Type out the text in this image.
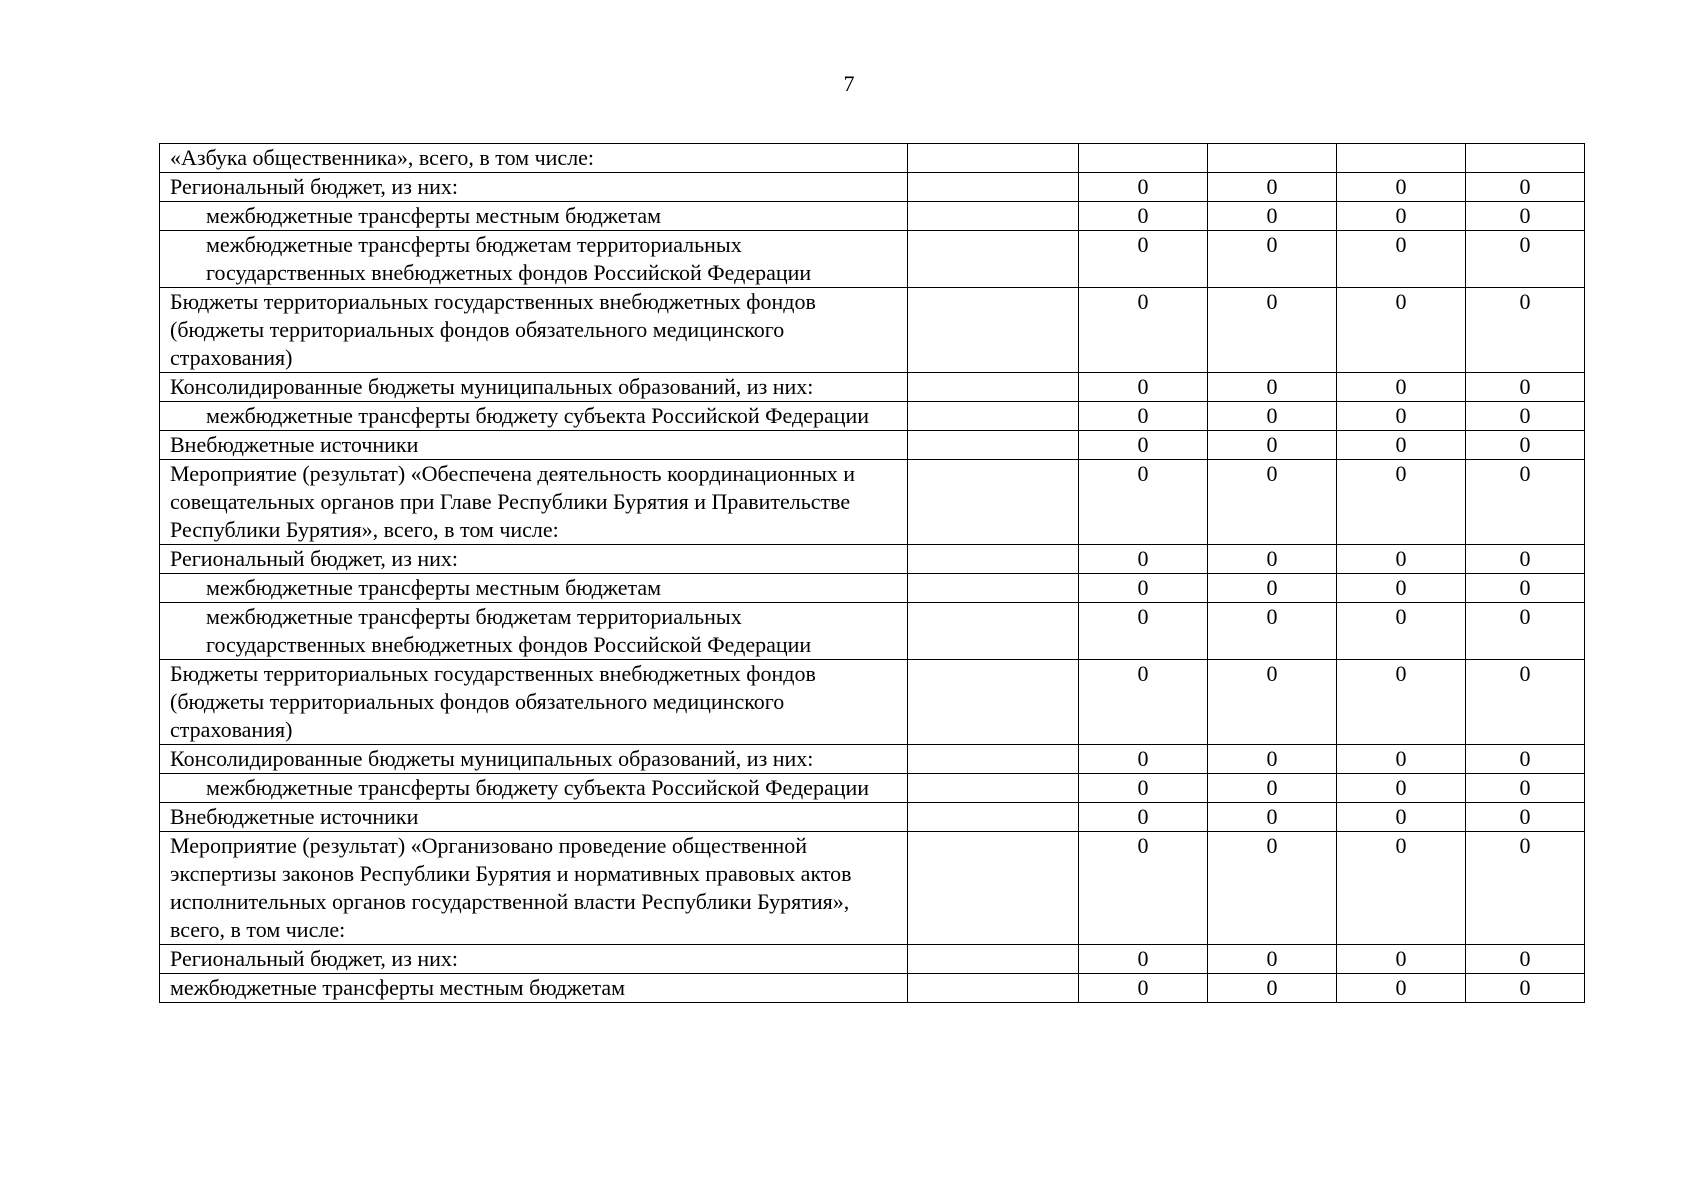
7
«Азбука общественника», всего, в том числе:					
Региональный бюджет, из них:		0	0	0	0
межбюджетные трансферты местным бюджетам		0	0	0	0
межбюджетные трансферты бюджетам территориальных государственных внебюджетных фондов Российской Федерации		0	0	0	0
Бюджеты территориальных государственных внебюджетных фондов (бюджеты территориальных фондов обязательного медицинского страхования)		0	0	0	0
Консолидированные бюджеты муниципальных образований, из них:		0	0	0	0
межбюджетные трансферты бюджету субъекта Российской Федерации		0	0	0	0
Внебюджетные источники		0	0	0	0
Мероприятие (результат) «Обеспечена деятельность координационных и совещательных органов при Главе Республики Бурятия и Правительстве Республики Бурятия», всего, в том числе:		0	0	0	0
Региональный бюджет, из них:		0	0	0	0
межбюджетные трансферты местным бюджетам		0	0	0	0
межбюджетные трансферты бюджетам территориальных государственных внебюджетных фондов Российской Федерации		0	0	0	0
Бюджеты территориальных государственных внебюджетных фондов (бюджеты территориальных фондов обязательного медицинского страхования)		0	0	0	0
Консолидированные бюджеты муниципальных образований, из них:		0	0	0	0
межбюджетные трансферты бюджету субъекта Российской Федерации		0	0	0	0
Внебюджетные источники		0	0	0	0
Мероприятие (результат) «Организовано проведение общественной экспертизы законов Республики Бурятия и нормативных правовых актов исполнительных органов государственной власти Республики Бурятия», всего, в том числе:		0	0	0	0
Региональный бюджет, из них:		0	0	0	0
межбюджетные трансферты местным бюджетам		0	0	0	0
